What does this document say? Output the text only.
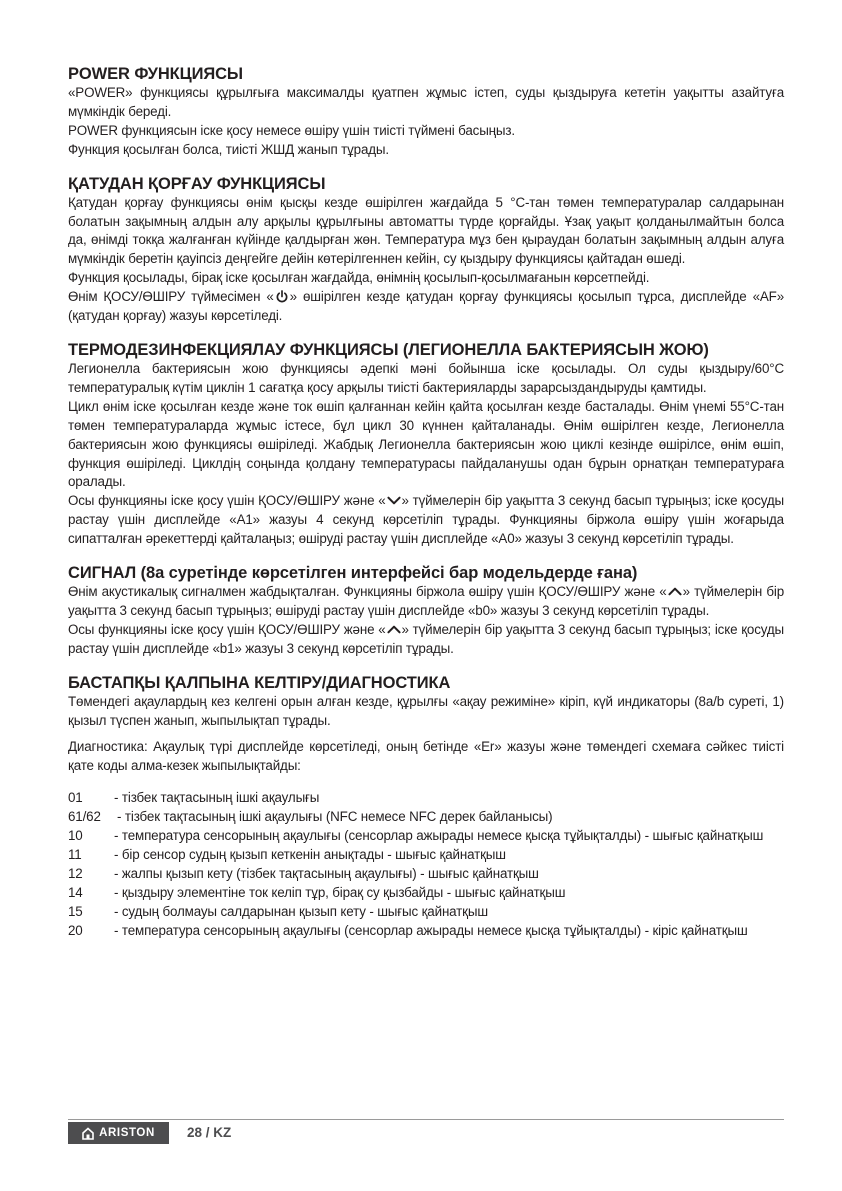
POWER ФУНКЦИЯСЫ

«POWER» функциясы құрылғыға максималды қуатпен жұмыс істеп, суды қыздыруға кететін уақытты азайтуға мүмкіндік береді.

POWER функциясын іске қосу немесе өшіру үшін тиісті түймені басыңыз.

Функция қосылған болса, тиісті ЖШД жанып тұрады.

ҚАТУДАН ҚОРҒАУ ФУНКЦИЯСЫ

Қатудан қорғау функциясы өнім қысқы кезде өшірілген жағдайда 5 °C-тан төмен температуралар салдарынан болатын зақымның алдын алу арқылы құрылғыны автоматты түрде қорғайды. Ұзақ уақыт қолданылмайтын болса да, өнімді токқа жалғанған күйінде қалдырған жөн. Температура мұз бен қыраудан болатын зақымның алдын алуға мүмкіндік беретін қауіпсіз деңгейге дейін көтерілгеннен кейін, су қыздыру функциясы қайтадан өшеді.

Функция қосылады, бірақ іске қосылған жағдайда, өнімнің қосылып-қосылмағанын көрсетпейді.

Өнім ҚОСУ/ӨШІРУ түймесімен « » өшірілген кезде қатудан қорғау функциясы қосылып тұрса, дисплейде «AF» (қатудан қорғау) жазуы көрсетіледі.

ТЕРМОДЕЗИНФЕКЦИЯЛАУ ФУНКЦИЯСЫ (ЛЕГИОНЕЛЛА БАКТЕРИЯСЫН ЖОЮ)

Легионелла бактериясын жою функциясы әдепкі мәні бойынша іске қосылады. Ол суды қыздыру/60°C температуралық күтім циклін 1 сағатқа қосу арқылы тиісті бактерияларды зарарсыздандыруды қамтиды.

Цикл өнім іске қосылған кезде және ток өшіп қалғаннан кейін қайта қосылған кезде басталады. Өнім үнемі 55°C-тан төмен температураларда жұмыс істесе, бұл цикл 30 күннен қайталанады. Өнім өшірілген кезде, Легионелла бактериясын жою функциясы өшіріледі. Жабдық Легионелла бактериясын жою циклі кезінде өшірілсе, өнім өшіп, функция өшіріледі. Циклдің соңында қолдану температурасы пайдаланушы одан бұрын орнатқан температураға оралады.

Осы функцияны іске қосу үшін ҚОСУ/ӨШІРУ және « » түймелерін бір уақытта 3 секунд басып тұрыңыз; іске қосуды растау үшін дисплейде «A1» жазуы 4 секунд көрсетіліп тұрады. Функцияны біржола өшіру үшін жоғарыда сипатталған әрекеттерді қайталаңыз; өшіруді растау үшін дисплейде «A0» жазуы 3 секунд көрсетіліп тұрады.

СИГНАЛ (8a суретінде көрсетілген интерфейсі бар модельдерде ғана)

Өнім акустикалық сигналмен жабдықталған. Функцияны біржола өшіру үшін ҚОСУ/ӨШІРУ және « » түймелерін бір уақытта 3 секунд басып тұрыңыз; өшіруді растау үшін дисплейде «b0» жазуы 3 секунд көрсетіліп тұрады.

Осы функцияны іске қосу үшін ҚОСУ/ӨШІРУ және « » түймелерін бір уақытта 3 секунд басып тұрыңыз; іске қосуды растау үшін дисплейде «b1» жазуы 3 секунд көрсетіліп тұрады.

БАСТАПҚЫ ҚАЛПЫНА КЕЛТІРУ/ДИАГНОСТИКА

Төмендегі ақаулардың кез келгені орын алған кезде, құрылғы «ақау режиміне» кіріп, күй индикаторы (8a/b суреті, 1) қызыл түспен жанып, жыпылықтап тұрады.

Диагностика: Ақаулық түрі дисплейде көрсетіледі, оның бетінде «Er» жазуы және төмендегі схемаға сәйкес тиісті қате коды алма-кезек жыпылықтайды:

01	- тізбек тақтасының ішкі ақаулығы
61/62	- тізбек тақтасының ішкі ақаулығы (NFC немесе NFC дерек байланысы)
10	- температура сенсорының ақаулығы (сенсорлар ажырады немесе қысқа тұйықталды) - шығыс қайнатқыш
11	- бір сенсор судың қызып кеткенін анықтады - шығыс қайнатқыш
12	- жалпы қызып кету (тізбек тақтасының ақаулығы) - шығыс қайнатқыш
14	- қыздыру элементіне ток келіп тұр, бірақ су қызбайды - шығыс қайнатқыш
15	- судың болмауы салдарынан қызып кету - шығыс қайнатқыш
20	- температура сенсорының ақаулығы (сенсорлар ажырады немесе қысқа тұйықталды) - кіріс қайнатқыш
ARISTON 28 / KZ
